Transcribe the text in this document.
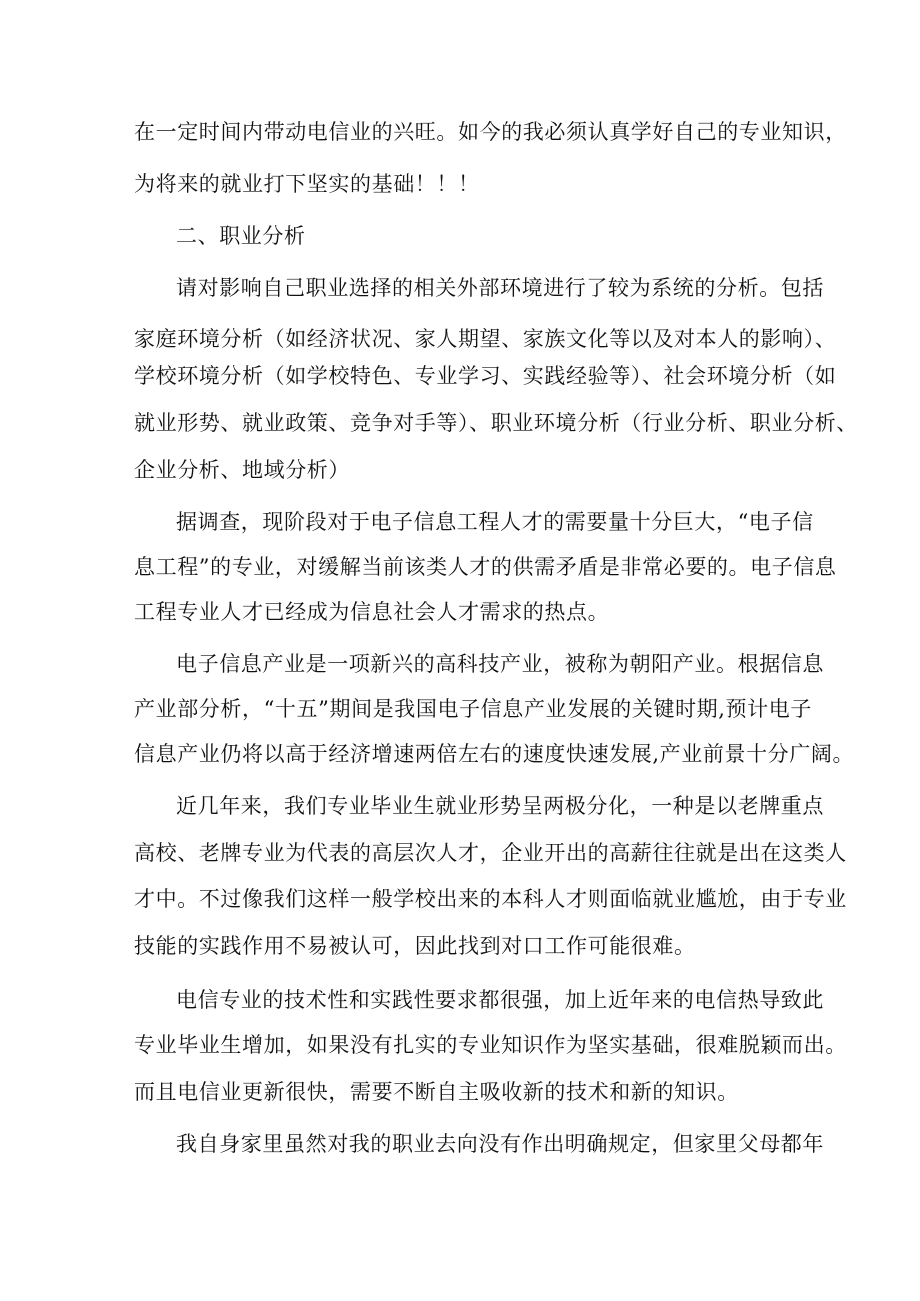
在一定时间内带动电信业的兴旺。如今的我必须认真学好自己的专业知识，
为将来的就业打下坚实的基础！！！
二、职业分析
请对影响自己职业选择的相关外部环境进行了较为系统的分析。包括
家庭环境分析（如经济状况、家人期望、家族文化等以及对本人的影响）、
学校环境分析（如学校特色、专业学习、实践经验等）、社会环境分析（如
就业形势、就业政策、竞争对手等）、职业环境分析（行业分析、职业分析、
企业分析、地域分析）
据调查，现阶段对于电子信息工程人才的需要量十分巨大，“电子信
息工程”的专业，对缓解当前该类人才的供需矛盾是非常必要的。电子信息
工程专业人才已经成为信息社会人才需求的热点。
电子信息产业是一项新兴的高科技产业，被称为朝阳产业。根据信息
产业部分析，“十五”期间是我国电子信息产业发展的关键时期,预计电子
信息产业仍将以高于经济增速两倍左右的速度快速发展,产业前景十分广阔。
近几年来，我们专业毕业生就业形势呈两极分化，一种是以老牌重点
高校、老牌专业为代表的高层次人才，企业开出的高薪往往就是出在这类人
才中。不过像我们这样一般学校出来的本科人才则面临就业尴尬，由于专业
技能的实践作用不易被认可，因此找到对口工作可能很难。
电信专业的技术性和实践性要求都很强，加上近年来的电信热导致此
专业毕业生增加，如果没有扎实的专业知识作为坚实基础，很难脱颖而出。
而且电信业更新很快，需要不断自主吸收新的技术和新的知识。
我自身家里虽然对我的职业去向没有作出明确规定，但家里父母都年
